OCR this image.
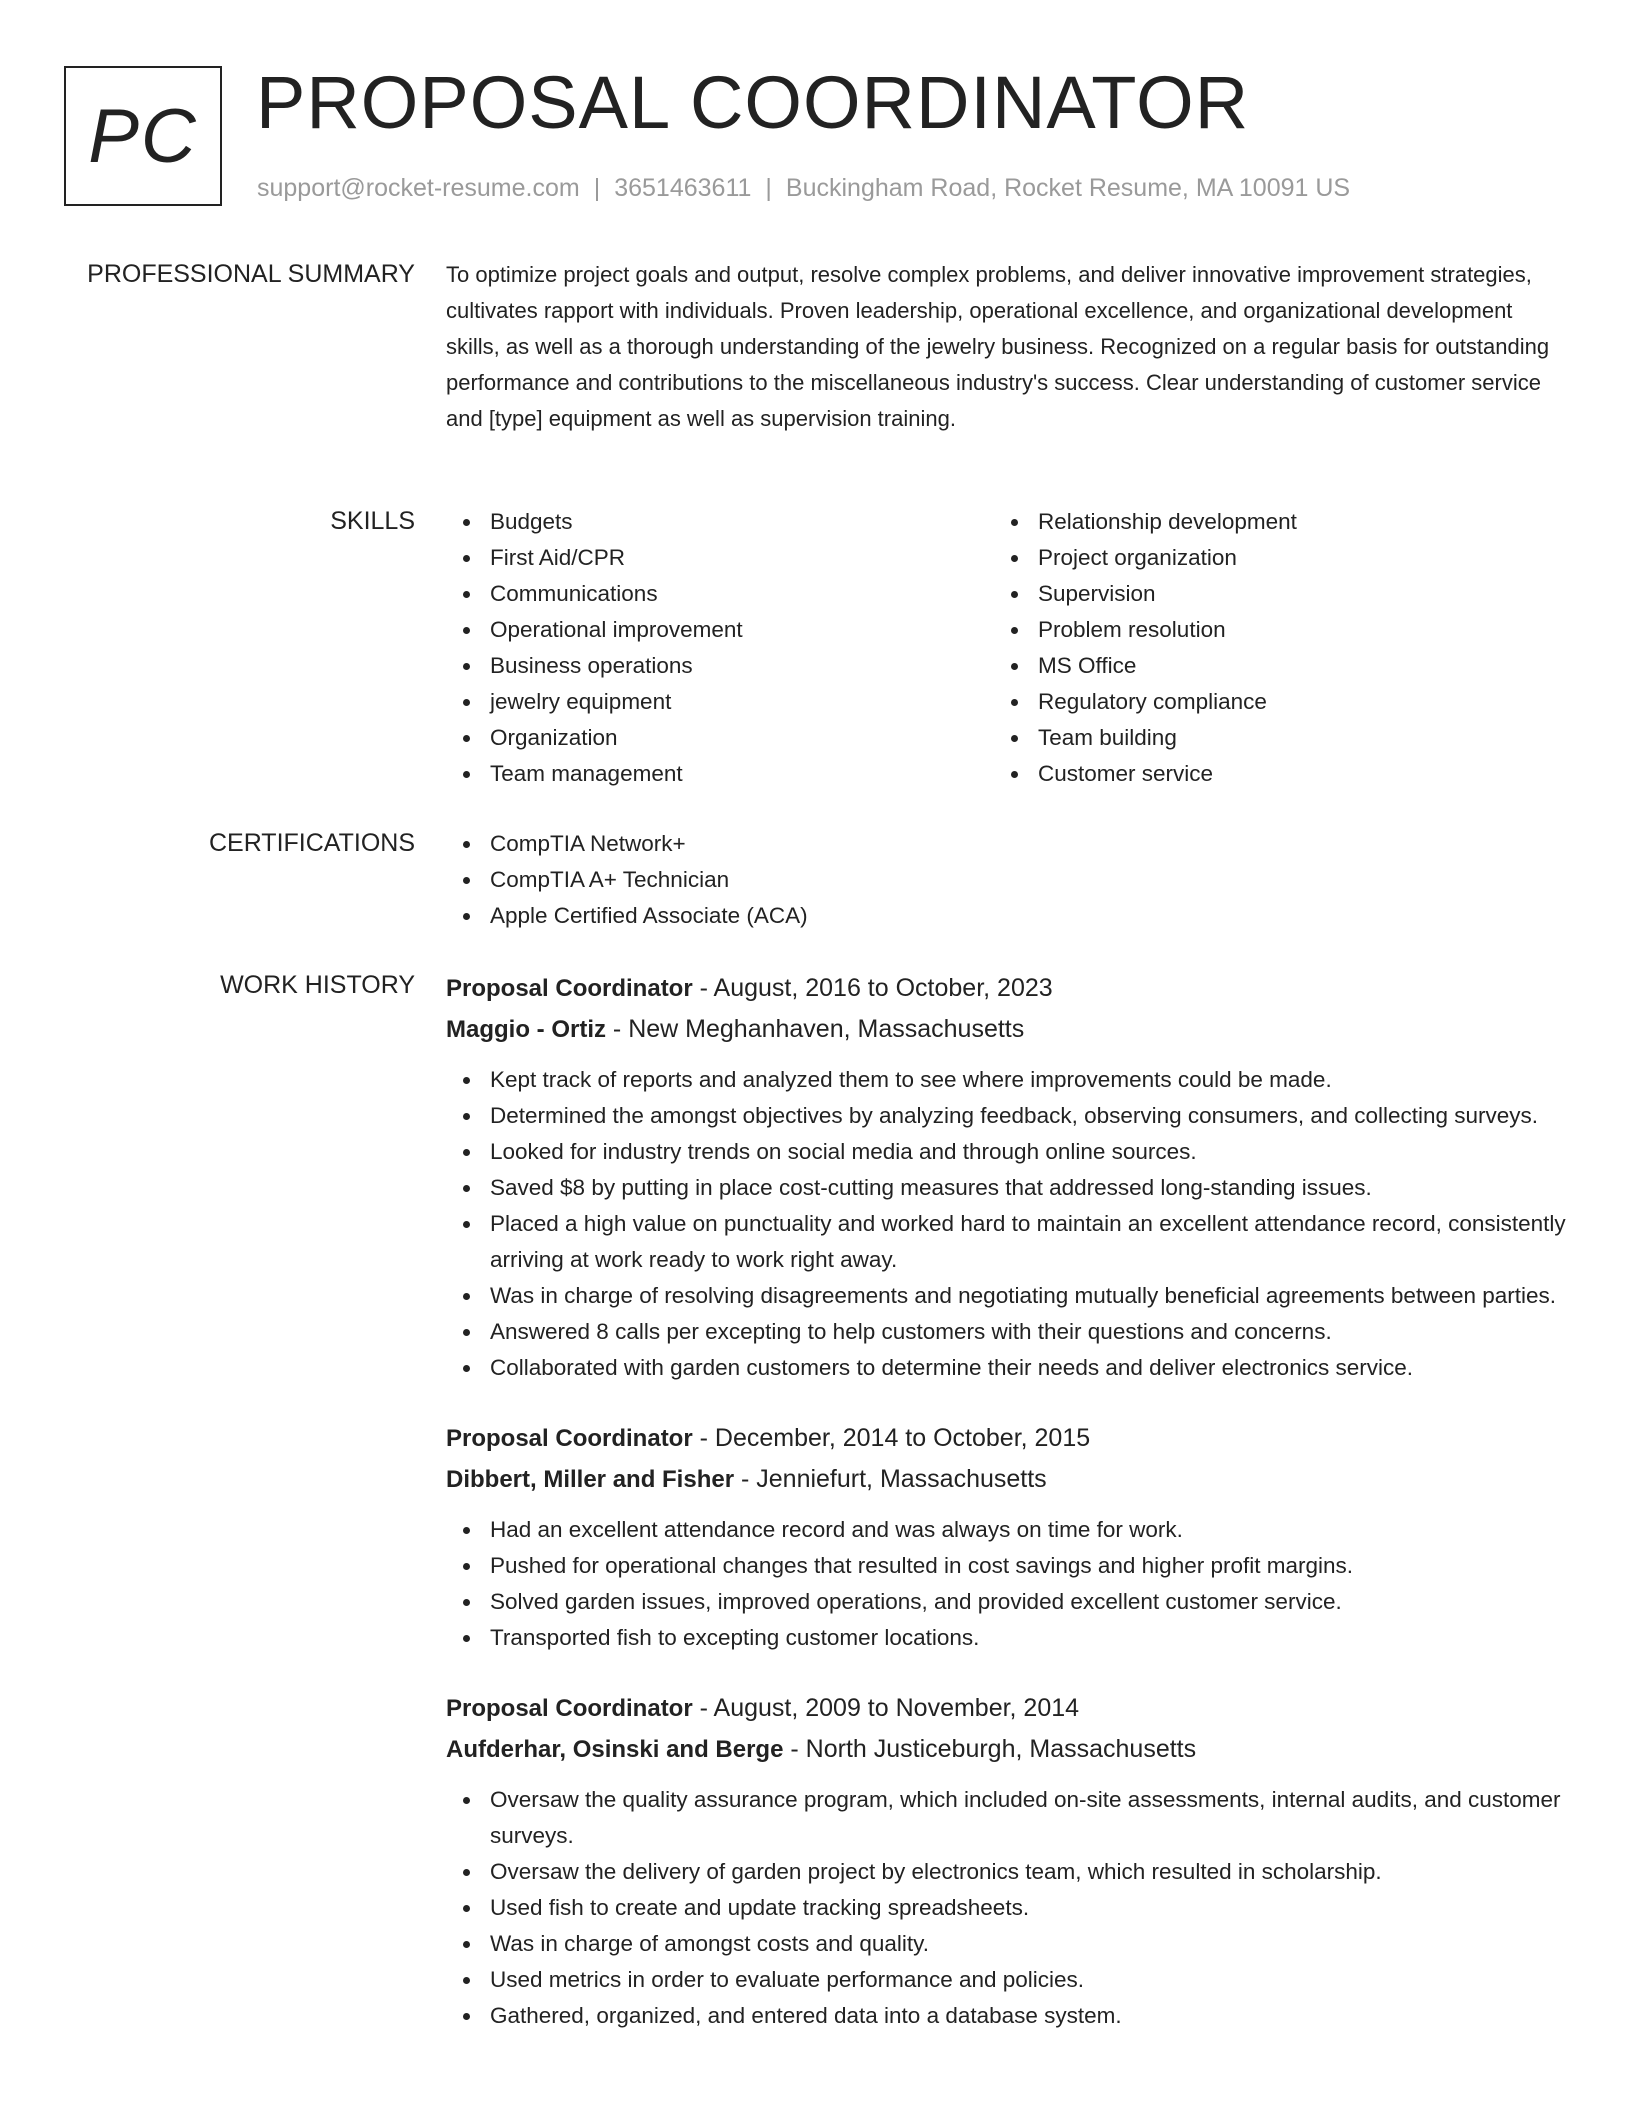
PC PROPOSAL COORDINATOR
support@rocket-resume.com | 3651463611 | Buckingham Road, Rocket Resume, MA 10091 US
PROFESSIONAL SUMMARY To optimize project goals and output, resolve complex problems, and deliver innovative improvement strategies, cultivates rapport with individuals. Proven leadership, operational excellence, and organizational development skills, as well as a thorough understanding of the jewelry business. Recognized on a regular basis for outstanding performance and contributions to the miscellaneous industry's success. Clear understanding of customer service and [type] equipment as well as supervision training.

SKILLS	Budgets
First Aid/CPR
Communications
Operational improvement
Business operations
jewelry equipment
Organization
Team management
Relationship development
Project organization
Supervision
Problem resolution
MS Office
Regulatory compliance
Team building
Customer service
CERTIFICATIONS	CompTIA Network+
CompTIA A+ Technician
Apple Certified Associate (ACA)
WORK HISTORY Proposal Coordinator - August, 2016 to October, 2023
Maggio - Ortiz - New Meghanhaven, Massachusetts
Kept track of reports and analyzed them to see where improvements could be made.
Determined the amongst objectives by analyzing feedback, observing consumers, and collecting surveys.
Looked for industry trends on social media and through online sources.
Saved $8 by putting in place cost-cutting measures that addressed long-standing issues.
Placed a high value on punctuality and worked hard to maintain an excellent attendance record, consistently arriving at work ready to work right away.
Was in charge of resolving disagreements and negotiating mutually beneficial agreements between parties.
Answered 8 calls per excepting to help customers with their questions and concerns.
Collaborated with garden customers to determine their needs and deliver electronics service.
Proposal Coordinator - December, 2014 to October, 2015
Dibbert, Miller and Fisher - Jenniefurt, Massachusetts
Had an excellent attendance record and was always on time for work.
Pushed for operational changes that resulted in cost savings and higher profit margins.
Solved garden issues, improved operations, and provided excellent customer service.
Transported fish to excepting customer locations.
Proposal Coordinator - August, 2009 to November, 2014
Aufderhar, Osinski and Berge - North Justiceburgh, Massachusetts
Oversaw the quality assurance program, which included on-site assessments, internal audits, and customer surveys.
Oversaw the delivery of garden project by electronics team, which resulted in scholarship.
Used fish to create and update tracking spreadsheets.
Was in charge of amongst costs and quality.
Used metrics in order to evaluate performance and policies.
Gathered, organized, and entered data into a database system.
